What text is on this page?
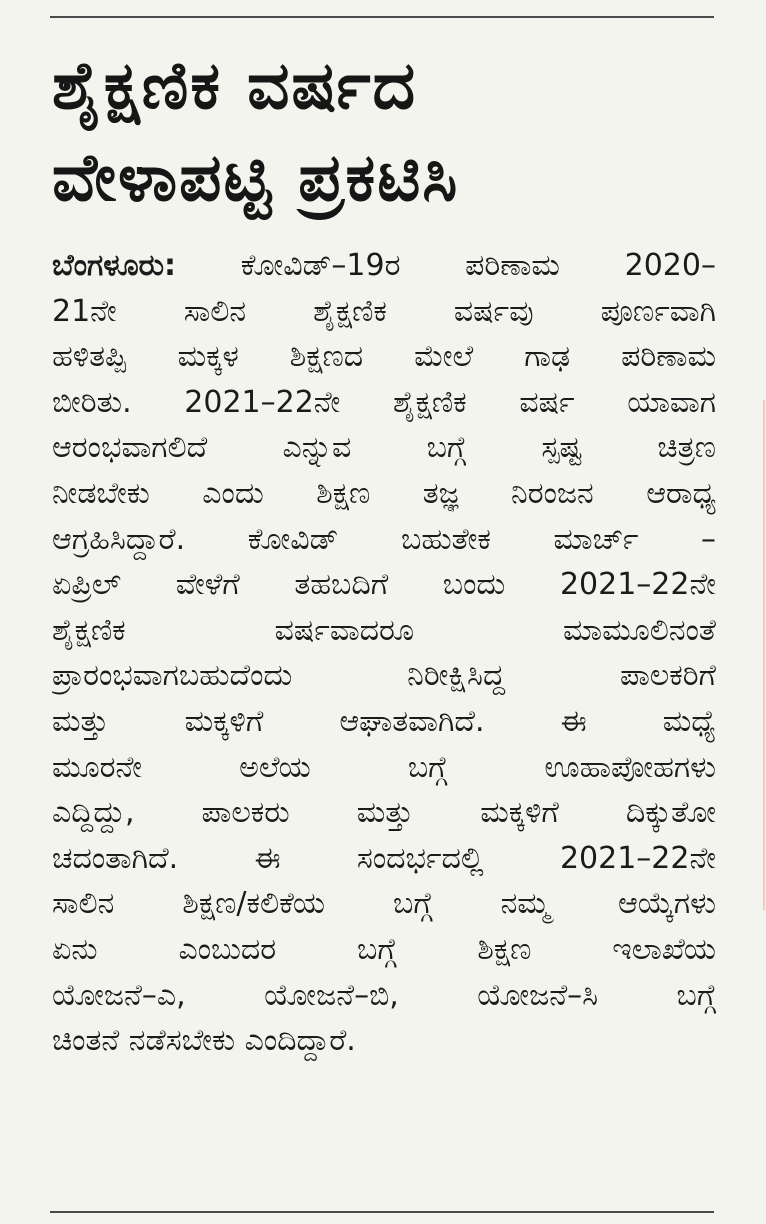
ಶೈಕ್ಷಣಿಕ ವರ್ಷದ
ವೇಳಾಪಟ್ಟಿ ಪ್ರಕಟಿಸಿ
ಬೆಂಗಳೂರು: ಕೋವಿಡ್–19ರ ಪರಿಣಾಮ 2020–
21ನೇ ಸಾಲಿನ ಶೈಕ್ಷಣಿಕ ವರ್ಷವು ಪೂರ್ಣವಾಗಿ
ಹಳಿತಪ್ಪಿ ಮಕ್ಕಳ ಶಿಕ್ಷಣದ ಮೇಲೆ ಗಾಢ ಪರಿಣಾಮ
ಬೀರಿತು. 2021–22ನೇ ಶೈಕ್ಷಣಿಕ ವರ್ಷ ಯಾವಾಗ
ಆರಂಭವಾಗಲಿದೆ ಎನ್ನುವ ಬಗ್ಗೆ ಸ್ಪಷ್ಟ ಚಿತ್ರಣ
ನೀಡಬೇಕು ಎಂದು ಶಿಕ್ಷಣ ತಜ್ಞ ನಿರಂಜನ ಆರಾಧ್ಯ
ಆಗ್ರಹಿಸಿದ್ದಾರೆ. ಕೋವಿಡ್ ಬಹುತೇಕ ಮಾರ್ಚ್ –
ಏಪ್ರಿಲ್ ವೇಳೆಗೆ ತಹಬದಿಗೆ ಬಂದು 2021–22ನೇ
ಶೈಕ್ಷಣಿಕ ವರ್ಷವಾದರೂ ಮಾಮೂಲಿನಂತೆ
ಪ್ರಾರಂಭವಾಗಬಹುದೆಂದು ನಿರೀಕ್ಷಿಸಿದ್ದ ಪಾಲಕರಿಗೆ
ಮತ್ತು ಮಕ್ಕಳಿಗೆ ಆಘಾತವಾಗಿದೆ. ಈ ಮಧ್ಯೆ
ಮೂರನೇ ಅಲೆಯ ಬಗ್ಗೆ ಊಹಾಪೋಹಗಳು
ಎದ್ದಿದ್ದು, ಪಾಲಕರು ಮತ್ತು ಮಕ್ಕಳಿಗೆ ದಿಕ್ಕುತೋ
ಚದಂತಾಗಿದೆ. ಈ ಸಂದರ್ಭದಲ್ಲಿ 2021–22ನೇ
ಸಾಲಿನ ಶಿಕ್ಷಣ/ಕಲಿಕೆಯ ಬಗ್ಗೆ ನಮ್ಮ ಆಯ್ಕೆಗಳು
ಏನು ಎಂಬುದರ ಬಗ್ಗೆ ಶಿಕ್ಷಣ ಇಲಾಖೆಯ
ಯೋಜನೆ–ಎ, ಯೋಜನೆ–ಬಿ, ಯೋಜನೆ–ಸಿ ಬಗ್ಗೆ
ಚಿಂತನೆ ನಡೆಸಬೇಕು ಎಂದಿದ್ದಾರೆ.
